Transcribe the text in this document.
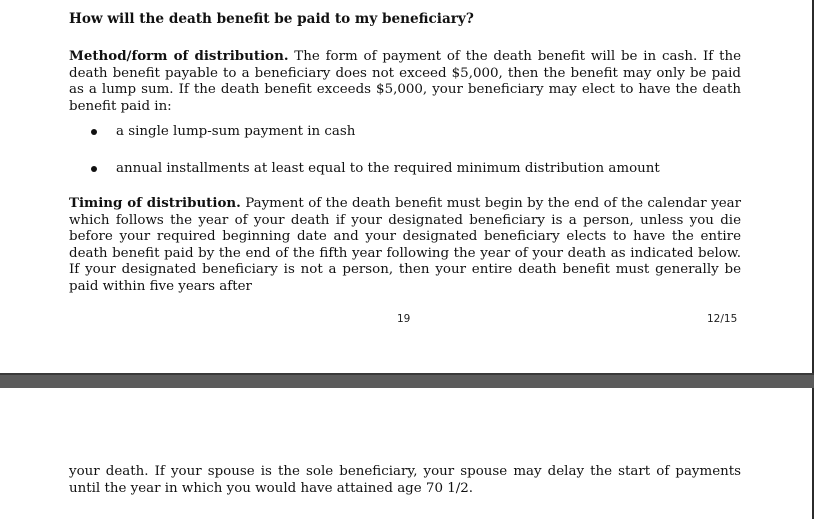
How will the death benefit be paid to my beneficiary?

Method/form of distribution. The form of payment of the death benefit will be in cash. If the death benefit payable to a beneficiary does not exceed $5,000, then the benefit may only be paid as a lump sum. If the death benefit exceeds $5,000, your beneficiary may elect to have the death benefit paid in:

a single lump-sum payment in cash
annual installments at least equal to the required minimum distribution amount

Timing of distribution. Payment of the death benefit must begin by the end of the calendar year which follows the year of your death if your designated beneficiary is a person, unless you die before your required beginning date and your designated beneficiary elects to have the entire death benefit paid by the end of the fifth year following the year of your death as indicated below. If your designated beneficiary is not a person, then your entire death benefit must generally be paid within five years after

19	12/15

your death. If your spouse is the sole beneficiary, your spouse may delay the start of payments until the year in which you would have attained age 70 1/2.
